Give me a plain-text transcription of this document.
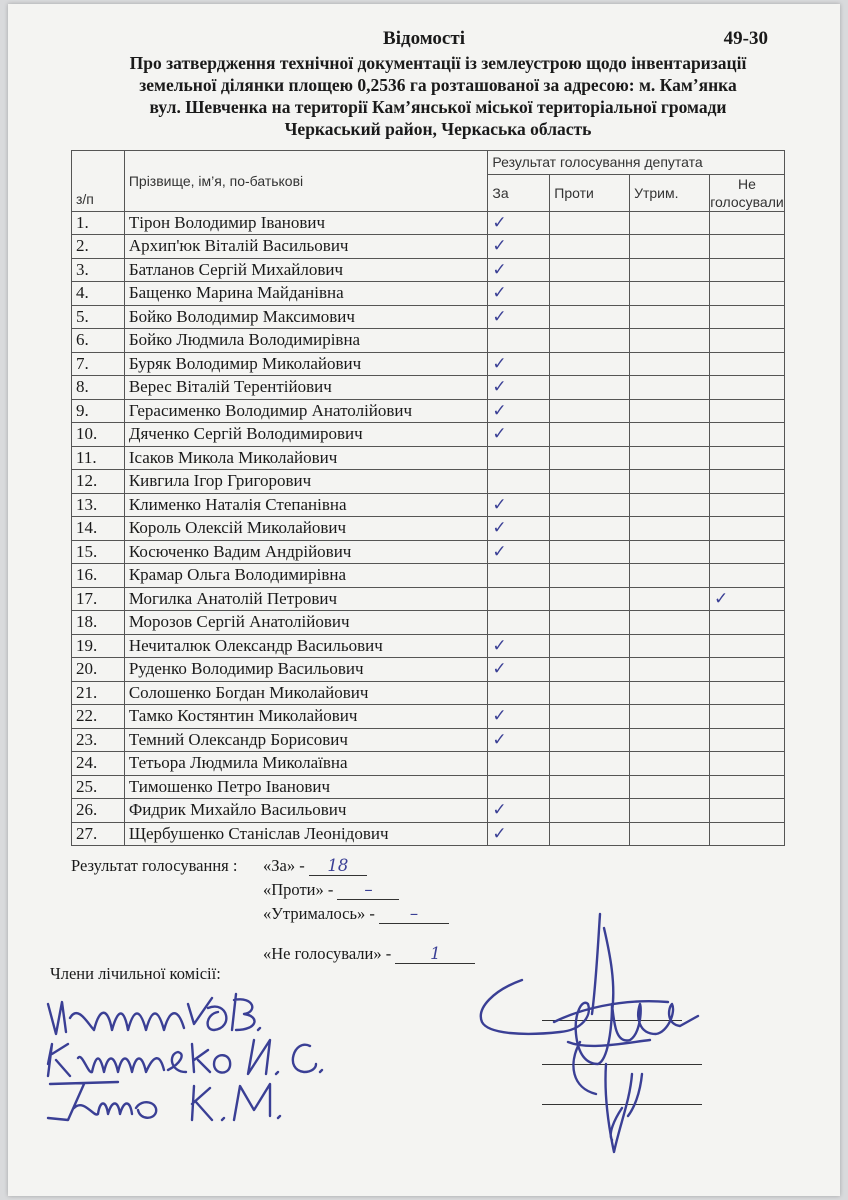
Відомості	49-30
Про затвердження технічної документації із землеустрою щодо інвентаризації
земельної ділянки площею 0,2536 га розташованої за адресою: м. Кам’янка
вул. Шевченка на території Кам’янської міської територіальної громади
Черкаський район, Черкаська область
з/п	Прізвище, ім’я, по-батькові	Результат голосування депутата			
		За	Проти	Утрим.	Не
голосували
1.	Тірон Володимир Іванович	✓			
2.	Архип'юк Віталій Васильович	✓			
3.	Батланов Сергій Михайлович	✓			
4.	Бащенко Марина Майданівна	✓			
5.	Бойко Володимир Максимович	✓			
6.	Бойко Людмила Володимирівна				
7.	Буряк Володимир Миколайович	✓			
8.	Верес Віталій Терентійович	✓			
9.	Герасименко Володимир Анатолійович	✓			
10.	Дяченко Сергій Володимирович	✓			
11.	Ісаков Микола Миколайович				
12.	Кивгила Ігор Григорович				
13.	Клименко Наталія Степанівна	✓			
14.	Король Олексій Миколайович	✓			
15.	Косюченко Вадим Андрійович	✓			
16.	Крамар Ольга Володимирівна				
17.	Могилка Анатолій Петрович				✓
18.	Морозов Сергій Анатолійович				
19.	Нечиталюк Олександр Васильович	✓			
20.	Руденко Володимир Васильович	✓			
21.	Солошенко Богдан Миколайович				
22.	Тамко Костянтин Миколайович	✓			
23.	Темний Олександр Борисович	✓			
24.	Тетьора Людмила Миколаївна				
25.	Тимошенко Петро Іванович				
26.	Фидрик Михайло Васильович	✓			
27.	Щербушенко Станіслав Леонідович	✓			
Результат голосування : «За» - 18
«Проти» - –
«Утрималось» - –
«Не голосували» - 1
Члени лічильної комісії:
